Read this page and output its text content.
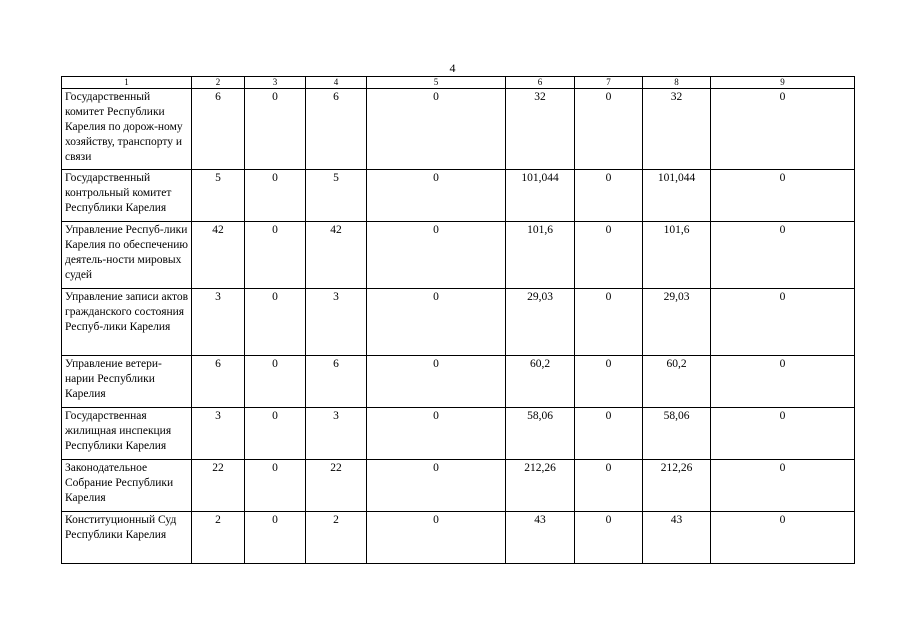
4
1	2	3	4	5	6	7	8	9
Государственный комитет Республики Карелия по дорож-ному хозяйству, транспорту и связи	6	0	6	0	32	0	32	0
Государственный контрольный комитет Республики Карелия	5	0	5	0	101,044	0	101,044	0
Управление Респуб-лики Карелия по обеспечению деятель-ности мировых судей	42	0	42	0	101,6	0	101,6	0
Управление записи актов гражданского состояния Респуб-лики Карелия	3	0	3	0	29,03	0	29,03	0
Управление ветери-нарии Республики Карелия	6	0	6	0	60,2	0	60,2	0
Государственная жилищная инспекция Республики Карелия	3	0	3	0	58,06	0	58,06	0
Законодательное Собрание Республики Карелия	22	0	22	0	212,26	0	212,26	0
Конституционный Суд Республики Карелия	2	0	2	0	43	0	43	0
